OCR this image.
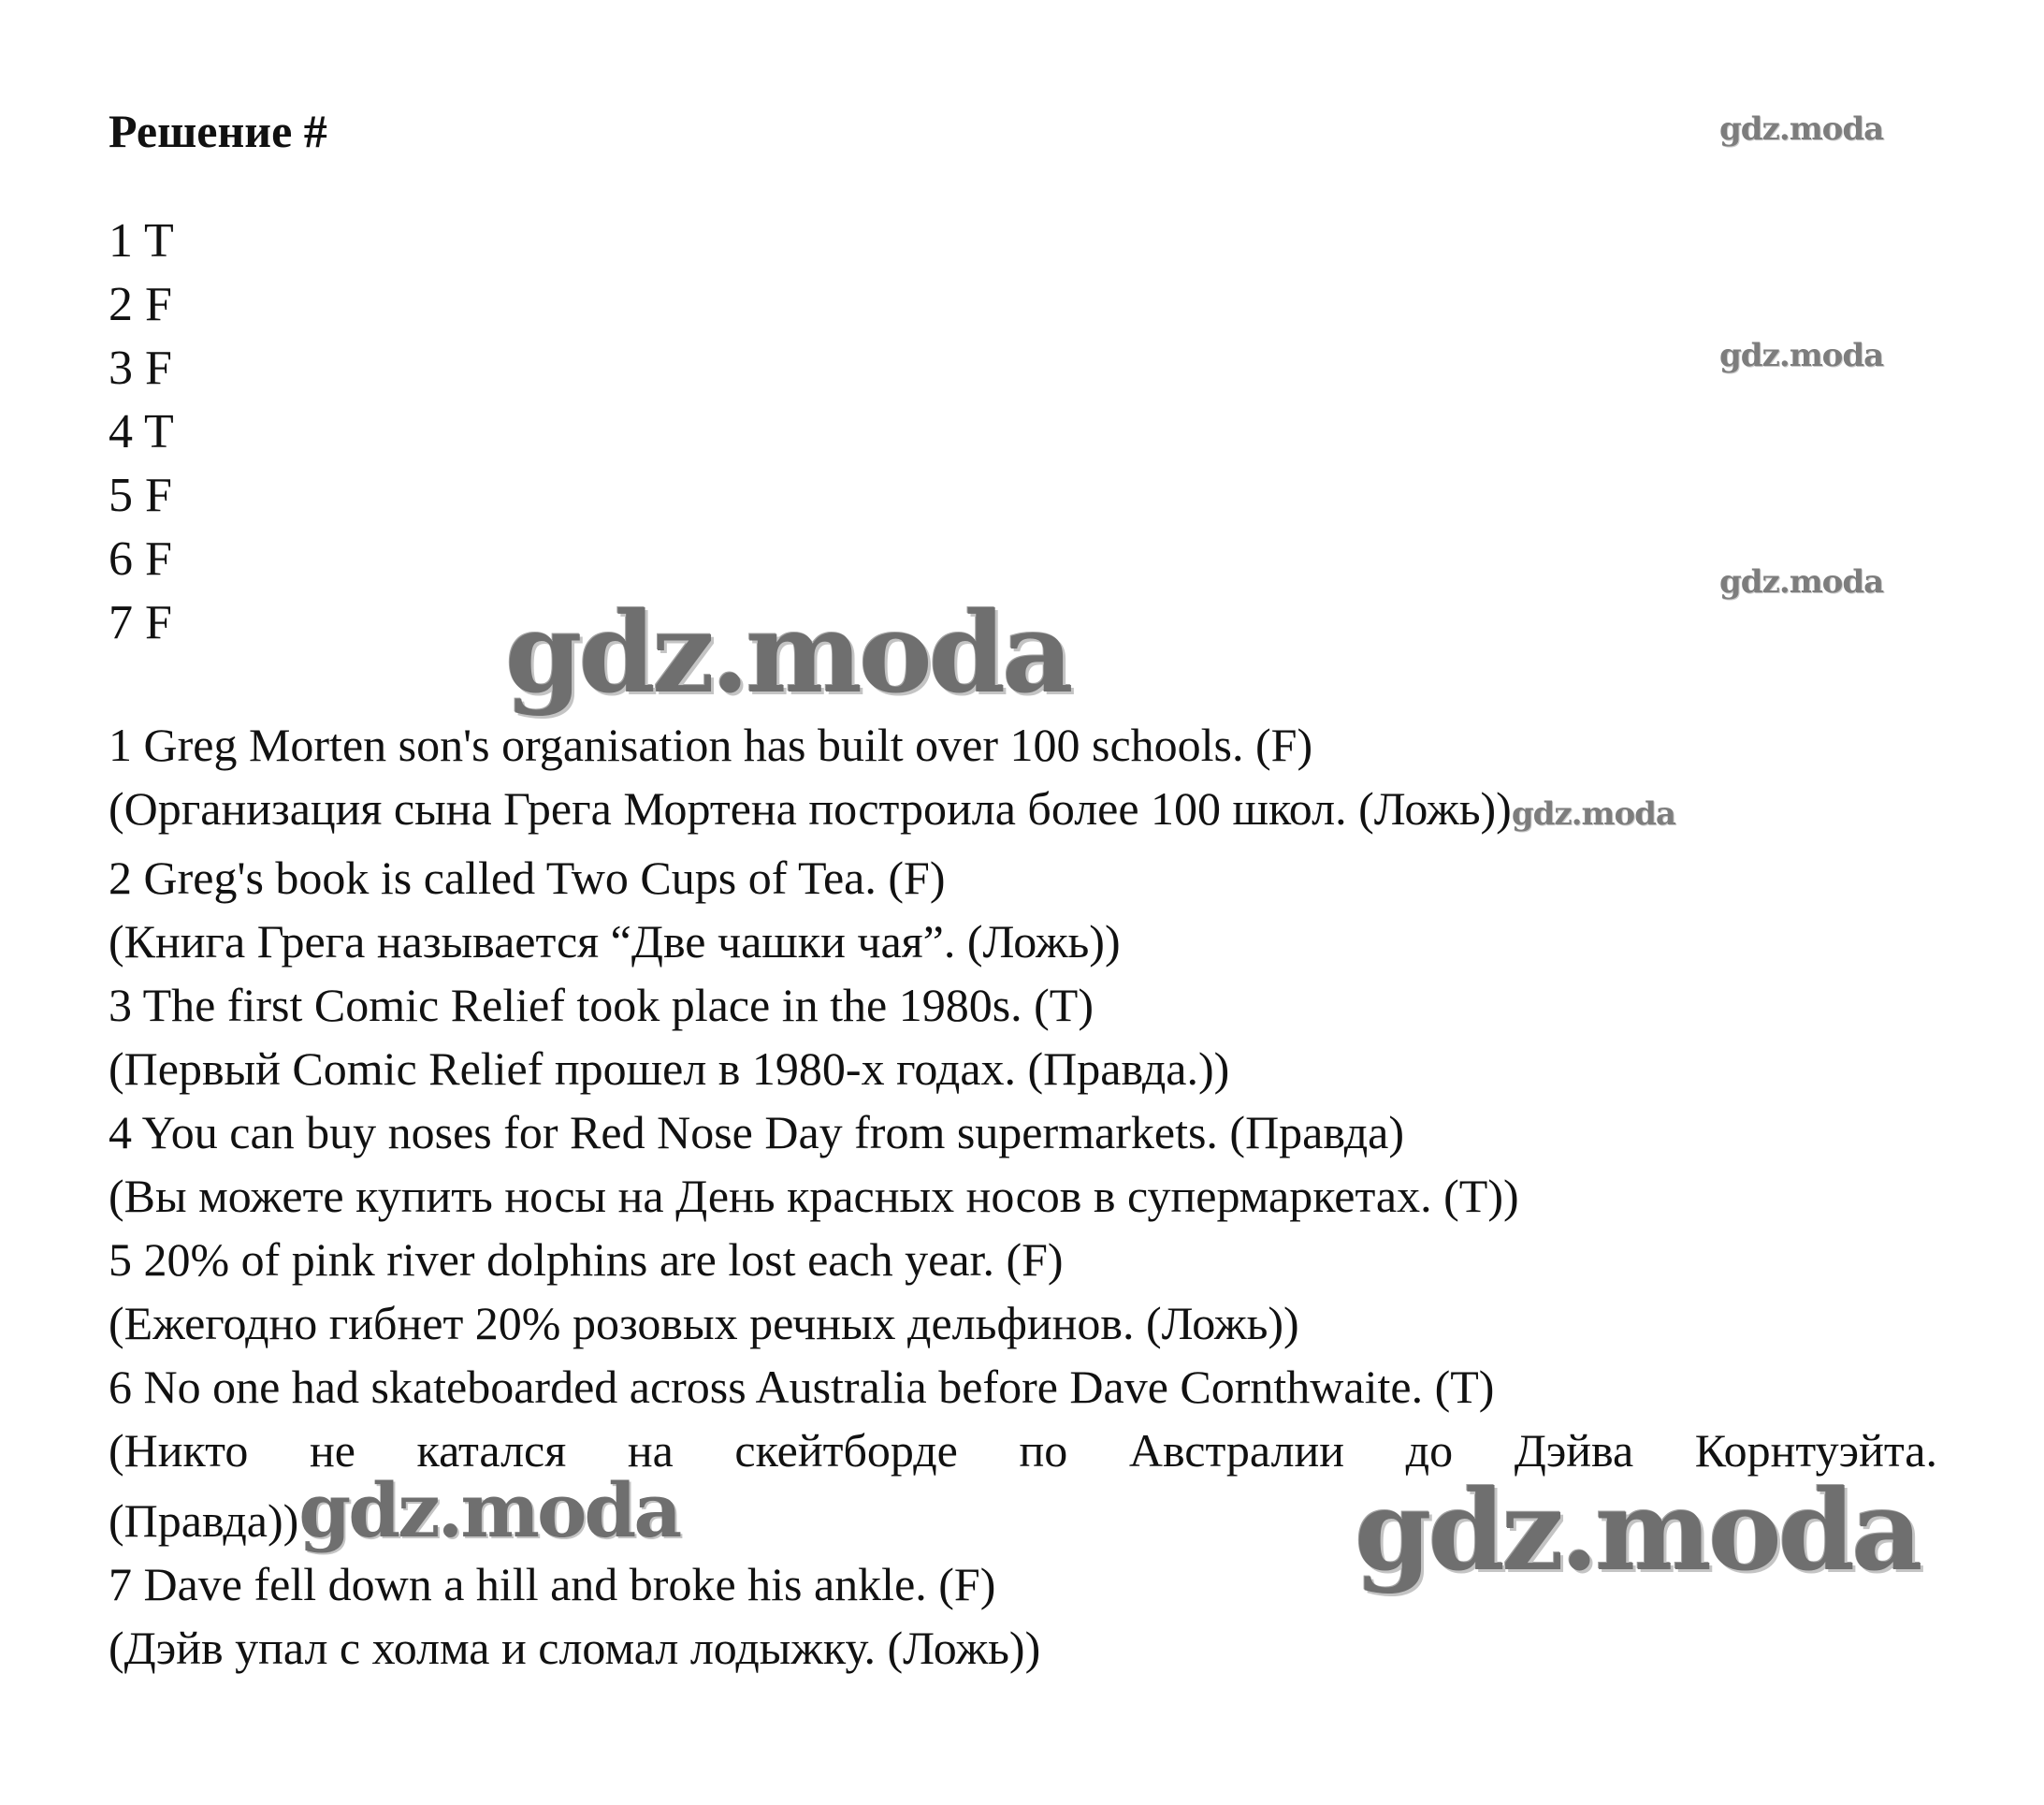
Решение #
1 T
2 F
3 F
4 T
5 F
6 F
7 F
1 Greg Morten son's organisation has built over 100 schools. (F)
(Организация сына Грега Мортена построила более 100 школ. (Ложь))gdz.moda
2 Greg's book is called Two Cups of Tea. (F)
(Книга Грега называется “Две чашки чая”. (Ложь))
3 The first Comic Relief took place in the 1980s. (T)
(Первый Comic Relief прошел в 1980-х годах. (Правда.))
4 You can buy noses for Red Nose Day from supermarkets. (Правда)
(Вы можете купить носы на День красных носов в супермаркетах. (T))
5 20% of pink river dolphins are lost each year. (F)
(Ежегодно гибнет 20% розовых речных дельфинов. (Ложь))
6 No one had skateboarded across Australia before Dave Cornthwaite. (T)
(Никто не катался на скейтборде по Австралии до Дэйва Корнтуэйта. (Правда))gdz.moda
7 Dave fell down a hill and broke his ankle. (F)
(Дэйв упал с холма и сломал лодыжку. (Ложь))
gdz.moda
gdz.moda
gdz.moda
gdz.moda
gdz.moda
